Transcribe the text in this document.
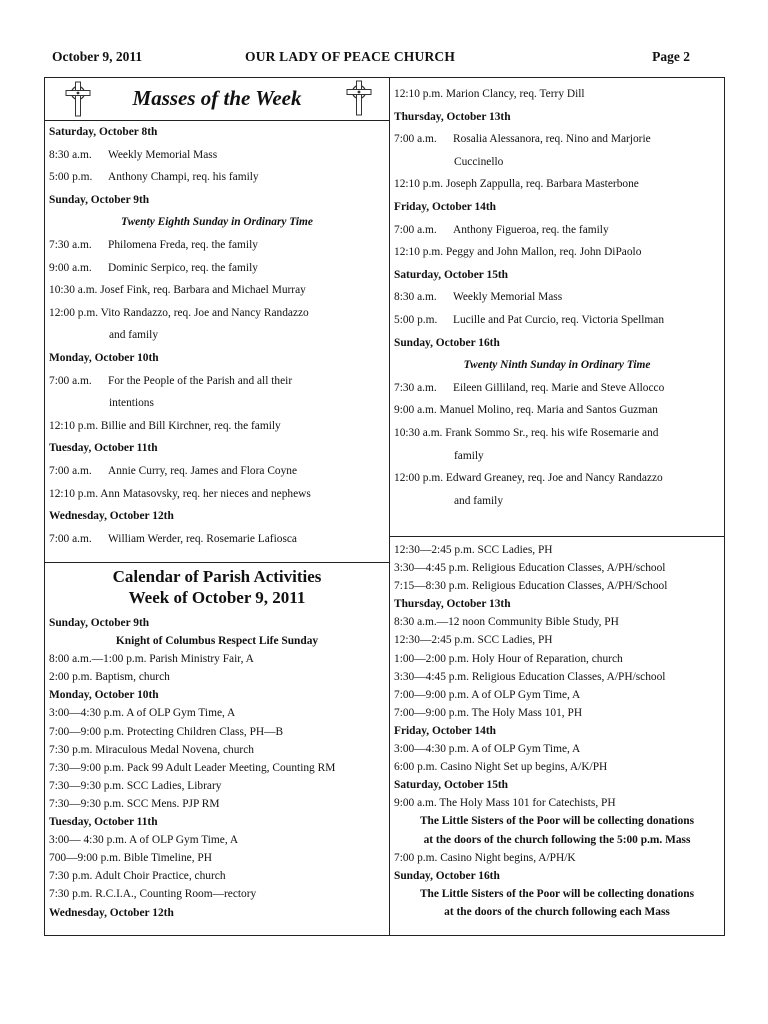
October 9, 2011	OUR LADY OF PEACE CHURCH	Page 2
Masses of the Week
Saturday, October 8th
8:30 a.m. Weekly Memorial Mass
5:00 p.m. Anthony Champi, req. his family
Sunday, October 9th
Twenty Eighth Sunday in Ordinary Time
7:30 a.m. Philomena Freda, req. the family
9:00 a.m. Dominic Serpico, req. the family
10:30 a.m. Josef Fink, req. Barbara and Michael Murray
12:00 p.m. Vito Randazzo, req. Joe and Nancy Randazzo
and family
Monday, October 10th
7:00 a.m. For the People of the Parish and all their
intentions
12:10 p.m. Billie and Bill Kirchner, req. the family
Tuesday, October 11th
7:00 a.m. Annie Curry, req. James and Flora Coyne
12:10 p.m. Ann Matasovsky, req. her nieces and nephews
Wednesday, October 12th
7:00 a.m. William Werder, req. Rosemarie Lafiosca
12:10 p.m. Marion Clancy, req. Terry Dill
Thursday, October 13th
7:00 a.m. Rosalia Alessanora, req. Nino and Marjorie
Cuccinello
12:10 p.m. Joseph Zappulla, req. Barbara Masterbone
Friday, October 14th
7:00 a.m. Anthony Figueroa, req. the family
12:10 p.m. Peggy and John Mallon, req. John DiPaolo
Saturday, October 15th
8:30 a.m. Weekly Memorial Mass
5:00 p.m. Lucille and Pat Curcio, req. Victoria Spellman
Sunday, October 16th
Twenty Ninth Sunday in Ordinary Time
7:30 a.m. Eileen Gilliland, req. Marie and Steve Allocco
9:00 a.m. Manuel Molino, req. Maria and Santos Guzman
10:30 a.m. Frank Sommo Sr., req. his wife Rosemarie and
family
12:00 p.m. Edward Greaney, req. Joe and Nancy Randazzo
and family
Calendar of Parish Activities
Week of October 9, 2011
Sunday, October 9th
Knight of Columbus Respect Life Sunday
8:00 a.m.—1:00 p.m. Parish Ministry Fair, A
2:00 p.m. Baptism, church
Monday, October 10th
3:00—4:30 p.m. A of OLP Gym Time, A
7:00—9:00 p.m. Protecting Children Class, PH—B
7:30 p.m. Miraculous Medal Novena, church
7:30—9:00 p.m. Pack 99 Adult Leader Meeting, Counting RM
7:30—9:30 p.m. SCC Ladies, Library
7:30—9:30 p.m. SCC Mens. PJP RM
Tuesday, October 11th
3:00— 4:30 p.m. A of OLP Gym Time, A
700—9:00 p.m. Bible Timeline, PH
7:30 p.m. Adult Choir Practice, church
7:30 p.m. R.C.I.A., Counting Room—rectory
Wednesday, October 12th
12:30—2:45 p.m. SCC Ladies, PH
3:30—4:45 p.m. Religious Education Classes, A/PH/school
7:15—8:30 p.m. Religious Education Classes, A/PH/School
Thursday, October 13th
8:30 a.m.—12 noon Community Bible Study, PH
12:30—2:45 p.m. SCC Ladies, PH
1:00—2:00 p.m. Holy Hour of Reparation, church
3:30—4:45 p.m. Religious Education Classes, A/PH/school
7:00—9:00 p.m. A of OLP Gym Time, A
7:00—9:00 p.m. The Holy Mass 101, PH
Friday, October 14th
3:00—4:30 p.m. A of OLP Gym Time, A
6:00 p.m. Casino Night Set up begins, A/K/PH
Saturday, October 15th
9:00 a.m. The Holy Mass 101 for Catechists, PH
The Little Sisters of the Poor will be collecting donations
at the doors of the church following the 5:00 p.m. Mass
7:00 p.m. Casino Night begins, A/PH/K
Sunday, October 16th
The Little Sisters of the Poor will be collecting donations
at the doors of the church following each Mass
